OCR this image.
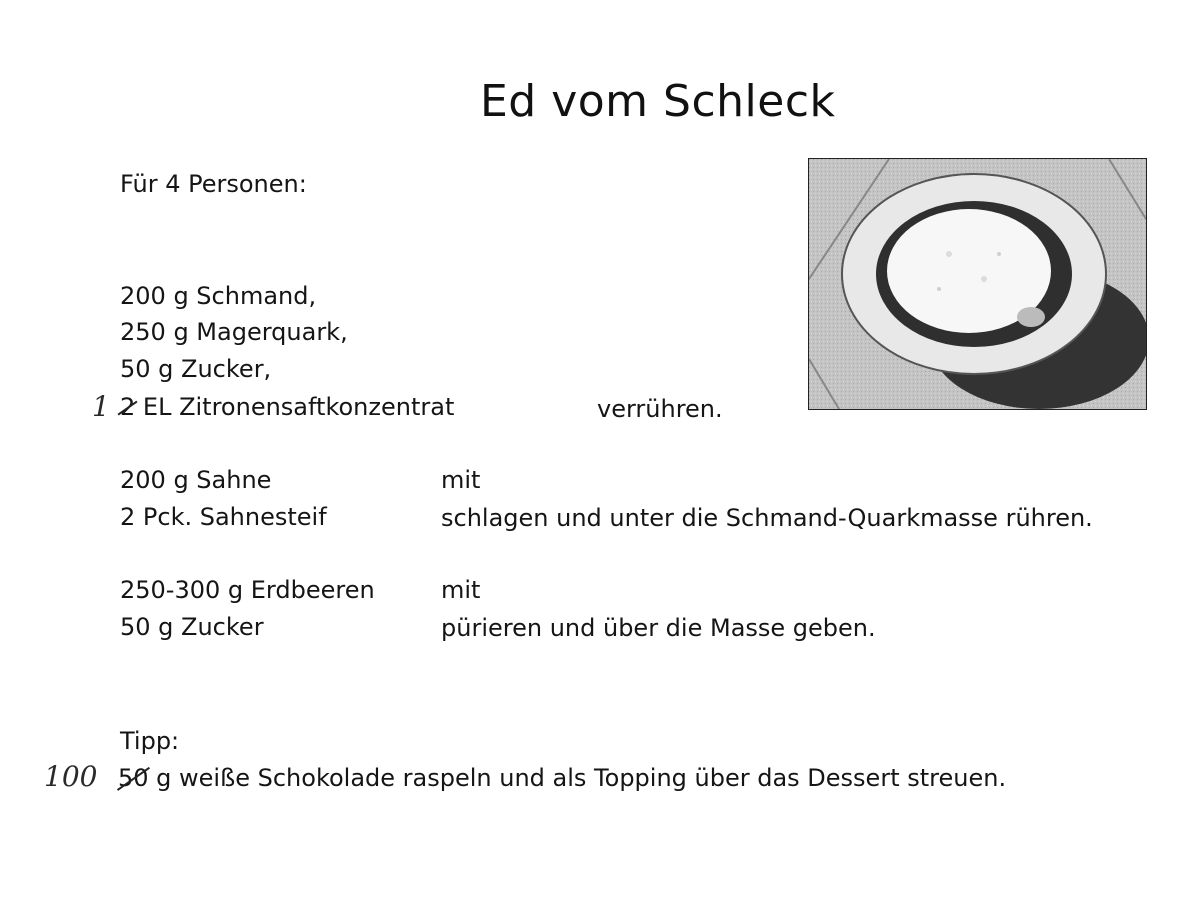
Ed vom Schleck
Für 4 Personen:
200 g Schmand,
250 g Magerquark,
50 g Zucker,
1 2
EL Zitronensaftkonzentrat	verrühren.
200 g Sahne	mit
2 Pck. Sahnesteif	schlagen und unter die Schmand-Quarkmasse rühren.
250-300 g Erdbeeren	mit
50 g Zucker	pürieren und über die Masse geben.
Tipp:
100 50
g weiße Schokolade raspeln und als Topping über das Dessert streuen.
